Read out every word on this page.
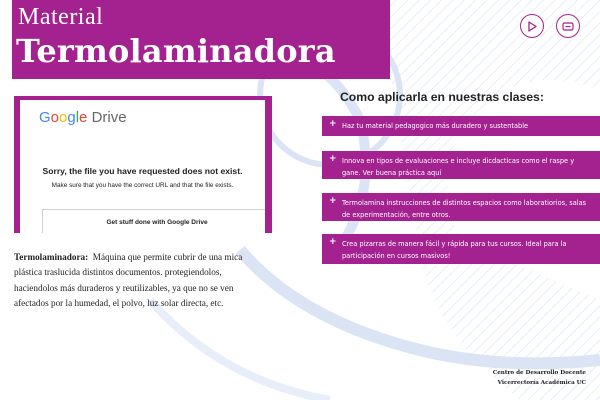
Material
Termolaminadora
Google Drive
Sorry, the file you have requested does not exist.
Make sure that you have the correct URL and that the file exists.
Get stuff done with Google Drive
Termolaminadora: Máquina que permite cubrir de una mica plástica traslucida distintos documentos. protegiendolos, haciendolos más duraderos y reutilizables, ya que no se ven afectados por la humedad, el polvo, luz solar directa, etc.
Como aplicarla en nuestras clases:
+ Haz tu material pedagogico más duradero y sustentable
+ Innova en tipos de evaluaciones e incluye dicdacticas como el raspe y gane. Ver buena práctica aquí
+ Termolamina instrucciones de distintos espacios como laboratiorios, salas de experimentación, entre otros.
+ Crea pizarras de manera fácil y rápida para tus cursos. Ideal para la participación en cursos masivos!
Centro de Desarrollo Docente
Vicerrectoría Académica UC
